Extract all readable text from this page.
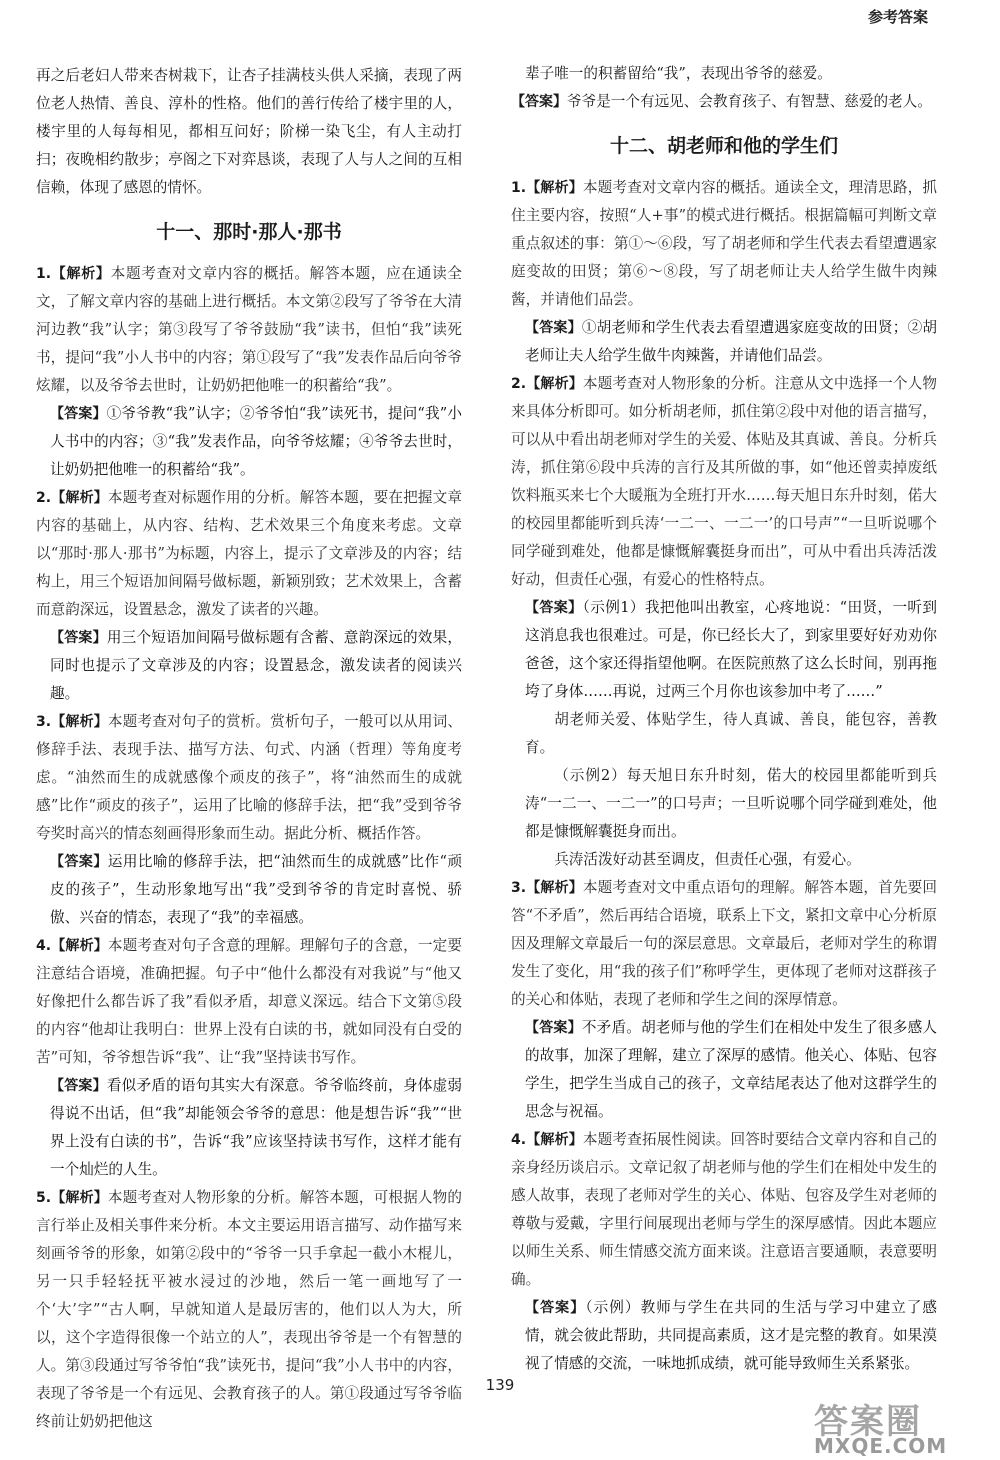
参考答案

再之后老妇人带来杏树栽下，让杏子挂满枝头供人采摘，表现了两位老人热情、善良、淳朴的性格。他们的善行传给了楼宇里的人，楼宇里的人每每相见，都相互问好；阶梯一染飞尘，有人主动打扫；夜晚相约散步；亭阁之下对弈恳谈，表现了人与人之间的互相信赖，体现了感恩的情怀。

十一、那时·那人·那书

1.【解析】本题考查对文章内容的概括。解答本题，应在通读全文，了解文章内容的基础上进行概括。本文第②段写了爷爷在大清河边教“我”认字；第③段写了爷爷鼓励“我”读书，但怕“我”读死书，提问“我”小人书中的内容；第①段写了“我”发表作品后向爷爷炫耀，以及爷爷去世时，让奶奶把他唯一的积蓄给“我”。

【答案】①爷爷教“我”认字；②爷爷怕“我”读死书，提问“我”小人书中的内容；③“我”发表作品，向爷爷炫耀；④爷爷去世时，让奶奶把他唯一的积蓄给“我”。

2.【解析】本题考查对标题作用的分析。解答本题，要在把握文章内容的基础上，从内容、结构、艺术效果三个角度来考虑。文章以“那时·那人·那书”为标题，内容上，提示了文章涉及的内容；结构上，用三个短语加间隔号做标题，新颖别致；艺术效果上，含蓄而意韵深远，设置悬念，激发了读者的兴趣。

【答案】用三个短语加间隔号做标题有含蓄、意韵深远的效果，同时也提示了文章涉及的内容；设置悬念，激发读者的阅读兴趣。

3.【解析】本题考查对句子的赏析。赏析句子，一般可以从用词、修辞手法、表现手法、描写方法、句式、内涵（哲理）等角度考虑。“油然而生的成就感像个顽皮的孩子”，将“油然而生的成就感”比作“顽皮的孩子”，运用了比喻的修辞手法，把“我”受到爷爷夸奖时高兴的情态刻画得形象而生动。据此分析、概括作答。

【答案】运用比喻的修辞手法，把“油然而生的成就感”比作“顽皮的孩子”，生动形象地写出“我”受到爷爷的肯定时喜悦、骄傲、兴奋的情态，表现了“我”的幸福感。

4.【解析】本题考查对句子含意的理解。理解句子的含意，一定要注意结合语境，准确把握。句子中“他什么都没有对我说”与“他又好像把什么都告诉了我”看似矛盾，却意义深远。结合下文第⑤段的内容“他却让我明白：世界上没有白读的书，就如同没有白受的苦”可知，爷爷想告诉“我”、让“我”坚持读书写作。

【答案】看似矛盾的语句其实大有深意。爷爷临终前，身体虚弱得说不出话，但“我”却能领会爷爷的意思：他是想告诉“我”“世界上没有白读的书”，告诉“我”应该坚持读书写作，这样才能有一个灿烂的人生。

5.【解析】本题考查对人物形象的分析。解答本题，可根据人物的言行举止及相关事件来分析。本文主要运用语言描写、动作描写来刻画爷爷的形象，如第②段中的“爷爷一只手拿起一截小木棍儿，另一只手轻轻抚平被水浸过的沙地，然后一笔一画地写了一个‘大’字”“古人啊，早就知道人是最厉害的，他们以人为大，所以，这个字造得很像一个站立的人”，表现出爷爷是一个有智慧的人。第③段通过写爷爷怕“我”读死书，提问“我”小人书中的内容，表现了爷爷是一个有远见、会教育孩子的人。第①段通过写爷爷临终前让奶奶把他这

辈子唯一的积蓄留给“我”，表现出爷爷的慈爱。

【答案】爷爷是一个有远见、会教育孩子、有智慧、慈爱的老人。

十二、胡老师和他的学生们

1.【解析】本题考查对文章内容的概括。通读全文，理清思路，抓住主要内容，按照“人+事”的模式进行概括。根据篇幅可判断文章重点叙述的事：第①～⑥段，写了胡老师和学生代表去看望遭遇家庭变故的田贤；第⑥～⑧段，写了胡老师让夫人给学生做牛肉辣酱，并请他们品尝。

【答案】①胡老师和学生代表去看望遭遇家庭变故的田贤；②胡老师让夫人给学生做牛肉辣酱，并请他们品尝。

2.【解析】本题考查对人物形象的分析。注意从文中选择一个人物来具体分析即可。如分析胡老师，抓住第②段中对他的语言描写，可以从中看出胡老师对学生的关爱、体贴及其真诚、善良。分析兵涛，抓住第⑥段中兵涛的言行及其所做的事，如“他还曾卖掉废纸饮料瓶买来七个大暖瓶为全班打开水……每天旭日东升时刻，偌大的校园里都能听到兵涛‘一二一、一二一’的口号声”“一旦听说哪个同学碰到难处，他都是慷慨解囊挺身而出”，可从中看出兵涛活泼好动，但责任心强，有爱心的性格特点。

【答案】（示例1）我把他叫出教室，心疼地说：“田贤，一听到这消息我也很难过。可是，你已经长大了，到家里要好好劝劝你爸爸，这个家还得指望他啊。在医院煎熬了这么长时间，别再拖垮了身体……再说，过两三个月你也该参加中考了……”

胡老师关爱、体贴学生，待人真诚、善良，能包容，善教育。

（示例2）每天旭日东升时刻，偌大的校园里都能听到兵涛“一二一、一二一”的口号声；一旦听说哪个同学碰到难处，他都是慷慨解囊挺身而出。

兵涛活泼好动甚至调皮，但责任心强，有爱心。

3.【解析】本题考查对文中重点语句的理解。解答本题，首先要回答“不矛盾”，然后再结合语境，联系上下文，紧扣文章中心分析原因及理解文章最后一句的深层意思。文章最后，老师对学生的称谓发生了变化，用“我的孩子们”称呼学生，更体现了老师对这群孩子的关心和体贴，表现了老师和学生之间的深厚情意。

【答案】不矛盾。胡老师与他的学生们在相处中发生了很多感人的故事，加深了理解，建立了深厚的感情。他关心、体贴、包容学生，把学生当成自己的孩子，文章结尾表达了他对这群学生的思念与祝福。

4.【解析】本题考查拓展性阅读。回答时要结合文章内容和自己的亲身经历谈启示。文章记叙了胡老师与他的学生们在相处中发生的感人故事，表现了老师对学生的关心、体贴、包容及学生对老师的尊敬与爱戴，字里行间展现出老师与学生的深厚感情。因此本题应以师生关系、师生情感交流方面来谈。注意语言要通顺，表意要明确。

【答案】（示例）教师与学生在共同的生活与学习中建立了感情，就会彼此帮助，共同提高素质，这才是完整的教育。如果漠视了情感的交流，一味地抓成绩，就可能导致师生关系紧张。

139
答案圈
MXQE.COM
